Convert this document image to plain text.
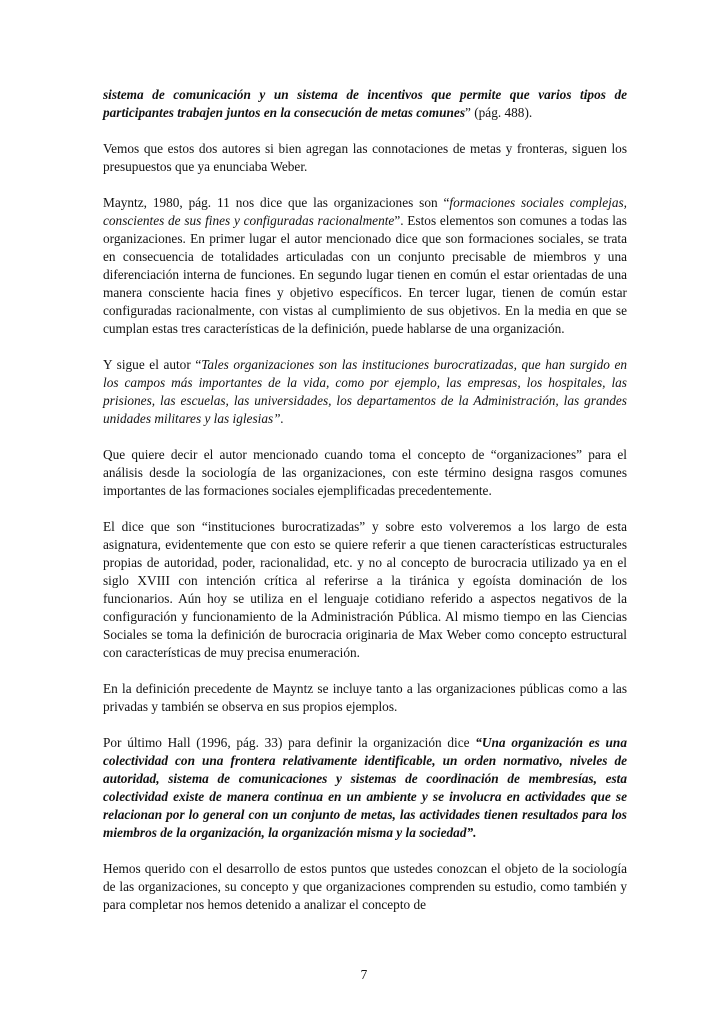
sistema de comunicación y un sistema de incentivos que permite que varios tipos de participantes trabajen juntos en la consecución de metas comunes” (pág. 488).

Vemos que estos dos autores si bien agregan las connotaciones de metas y fronteras, siguen los presupuestos que ya enunciaba Weber.

Mayntz, 1980, pág. 11 nos dice que las organizaciones son “formaciones sociales complejas, conscientes de sus fines y configuradas racionalmente”. Estos elementos son comunes a todas las organizaciones. En primer lugar el autor mencionado dice que son formaciones sociales, se trata en consecuencia de totalidades articuladas con un conjunto precisable de miembros y una diferenciación interna de funciones. En segundo lugar tienen en común el estar orientadas de una manera consciente hacia fines y objetivo específicos. En tercer lugar, tienen de común estar configuradas racionalmente, con vistas al cumplimiento de sus objetivos. En la media en que se cumplan estas tres características de la definición, puede hablarse de una organización.

Y sigue el autor “Tales organizaciones son las instituciones burocratizadas, que han surgido en los campos más importantes de la vida, como por ejemplo, las empresas, los hospitales, las prisiones, las escuelas, las universidades, los departamentos de la Administración, las grandes unidades militares y las iglesias”.

Que quiere decir el autor mencionado cuando toma el concepto de “organizaciones” para el análisis desde la sociología de las organizaciones, con este término designa rasgos comunes importantes de las formaciones sociales ejemplificadas precedentemente.

El dice que son “instituciones burocratizadas” y sobre esto volveremos a los largo de esta asignatura, evidentemente que con esto se quiere referir a que tienen características estructurales propias de autoridad, poder, racionalidad, etc. y no al concepto de burocracia utilizado ya en el siglo XVIII con intención crítica al referirse a la tiránica y egoísta dominación de los funcionarios. Aún hoy se utiliza en el lenguaje cotidiano referido a aspectos negativos de la configuración y funcionamiento de la Administración Pública. Al mismo tiempo en las Ciencias Sociales se toma la definición de burocracia originaria de Max Weber como concepto estructural con características de muy precisa enumeración.

En la definición precedente de Mayntz se incluye tanto a las organizaciones públicas como a las privadas y también se observa en sus propios ejemplos.

Por último Hall (1996, pág. 33) para definir la organización dice “Una organización es una colectividad con una frontera relativamente identificable, un orden normativo, niveles de autoridad, sistema de comunicaciones y sistemas de coordinación de membresías, esta colectividad existe de manera continua en un ambiente y se involucra en actividades que se relacionan por lo general con un conjunto de metas, las actividades tienen resultados para los miembros de la organización, la organización misma y la sociedad”.

Hemos querido con el desarrollo de estos puntos que ustedes conozcan el objeto de la sociología de las organizaciones, su concepto y que organizaciones comprenden su estudio, como también y para completar nos hemos detenido a analizar el concepto de

7
